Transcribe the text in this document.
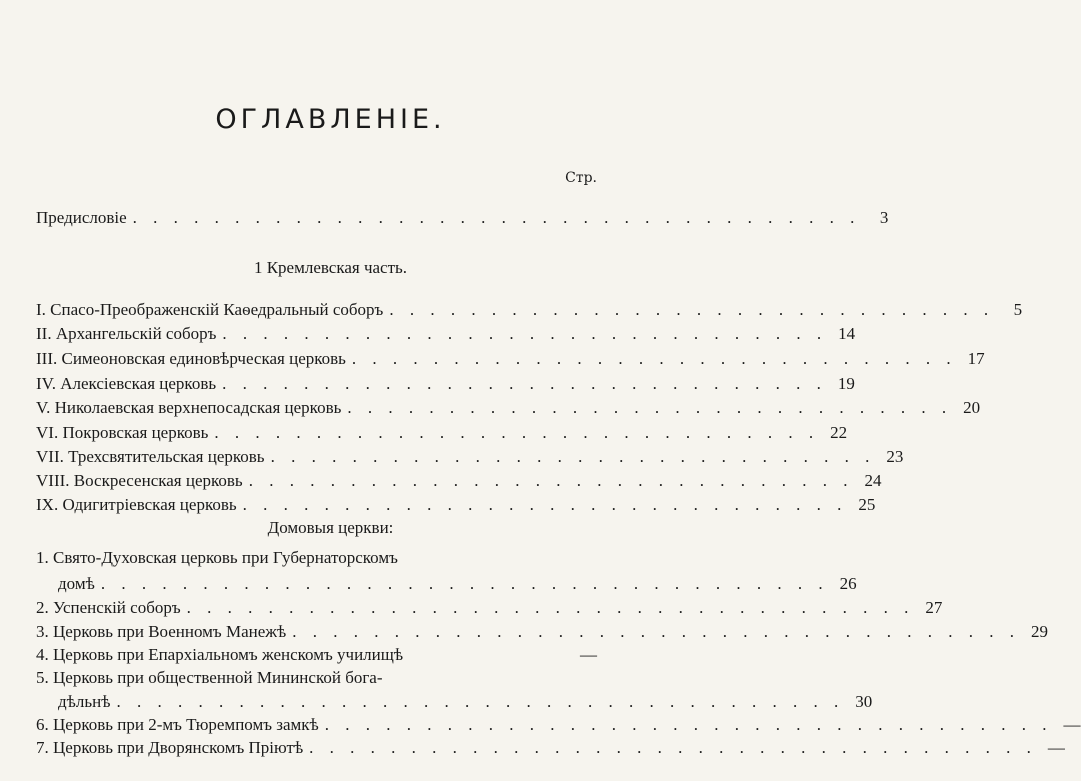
ОГЛАВЛЕНІЕ.
Стр.
Предисловіе . . . . . . . . . . . . . . . . . . . . . . . . . . . . . . . . . . . .	3
1 Кремлевская часть.
I. Спасо-Преображенскій Каѳедральный соборъ . . . . . . . . . . . . . . . . . . . . . . . . . . . . . .	5
II. Архангельскій соборъ . . . . . . . . . . . . . . . . . . . . . . . . . . . . . . 14
III. Симеоновская единовѣрческая церковь . . . . . . . . . . . . . . . . . . . . . . . . . . . . . . 17
IV. Алексіевская церковь . . . . . . . . . . . . . . . . . . . . . . . . . . . . . . 19
V. Николаевская верхнепосадская церковь . . . . . . . . . . . . . . . . . . . . . . . . . . . . . . 20
VI. Покровская церковь . . . . . . . . . . . . . . . . . . . . . . . . . . . . . . 22
VII. Трехсвятительская церковь . . . . . . . . . . . . . . . . . . . . . . . . . . . . . . 23
VIII. Воскресенская церковь . . . . . . . . . . . . . . . . . . . . . . . . . . . . . . 24
IX. Одигитріевская церковь . . . . . . . . . . . . . . . . . . . . . . . . . . . . . . 25
Домовыя церкви:
1. Свято-Духовская церковь при Губернаторскомъ
домѣ . . . . . . . . . . . . . . . . . . . . . . . . . . . . . . . . . . . . 26
2. Успенскій соборъ . . . . . . . . . . . . . . . . . . . . . . . . . . . . . . . . . . . . 27
3. Церковь при Военномъ Манежѣ . . . . . . . . . . . . . . . . . . . . . . . . . . . . . . . . . . . . 29
4. Церковь при Епархіальномъ женскомъ училищѣ	—
5. Церковь при общественной Мининской бога-
дѣльнѣ . . . . . . . . . . . . . . . . . . . . . . . . . . . . . . . . . . . . 30
6. Церковь при 2-мъ Тюремпомъ замкѣ . . . . . . . . . . . . . . . . . . . . . . . . . . . . . . . . . . . . —
7. Церковь при Дворянскомъ Пріютѣ . . . . . . . . . . . . . . . . . . . . . . . . . . . . . . . . . . . . —
